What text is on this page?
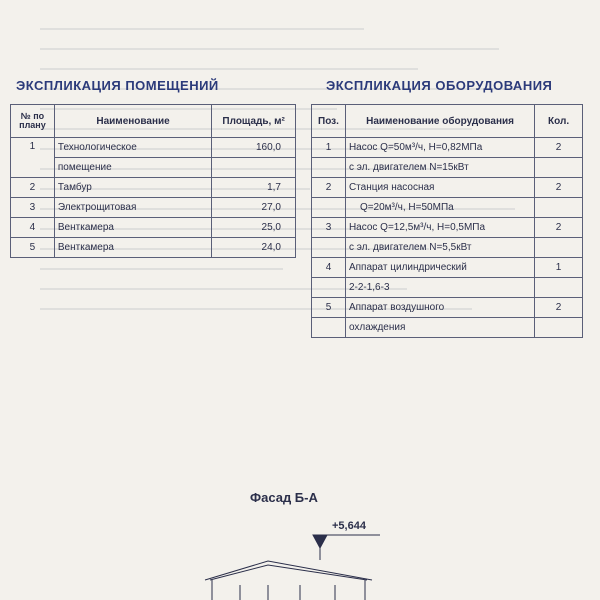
ЭКСПЛИКАЦИЯ ПОМЕЩЕНИЙ	ЭКСПЛИКАЦИЯ ОБОРУДОВАНИЯ
№ по плану	Наименование	Площадь, м²
1	Технологическое	160,0
	помещение	
2	Тамбур	1,7
3	Электрощитовая	27,0
4	Венткамера	25,0
5	Венткамера	24,0
Поз.	Наименование оборудования	Кол.
1	Насос Q=50м³/ч, H=0,82МПа	2
	с эл. двигателем N=15кВт	
2	Станция насосная	2
	Q=20м³/ч, H=50МПа	
3	Насос Q=12,5м³/ч, H=0,5МПа	2
	с эл. двигателем N=5,5кВт	
4	Аппарат цилиндрический	1
	2-2-1,6-3	
5	Аппарат воздушного	2
	охлаждения	
Фасад Б-А
+5,644
